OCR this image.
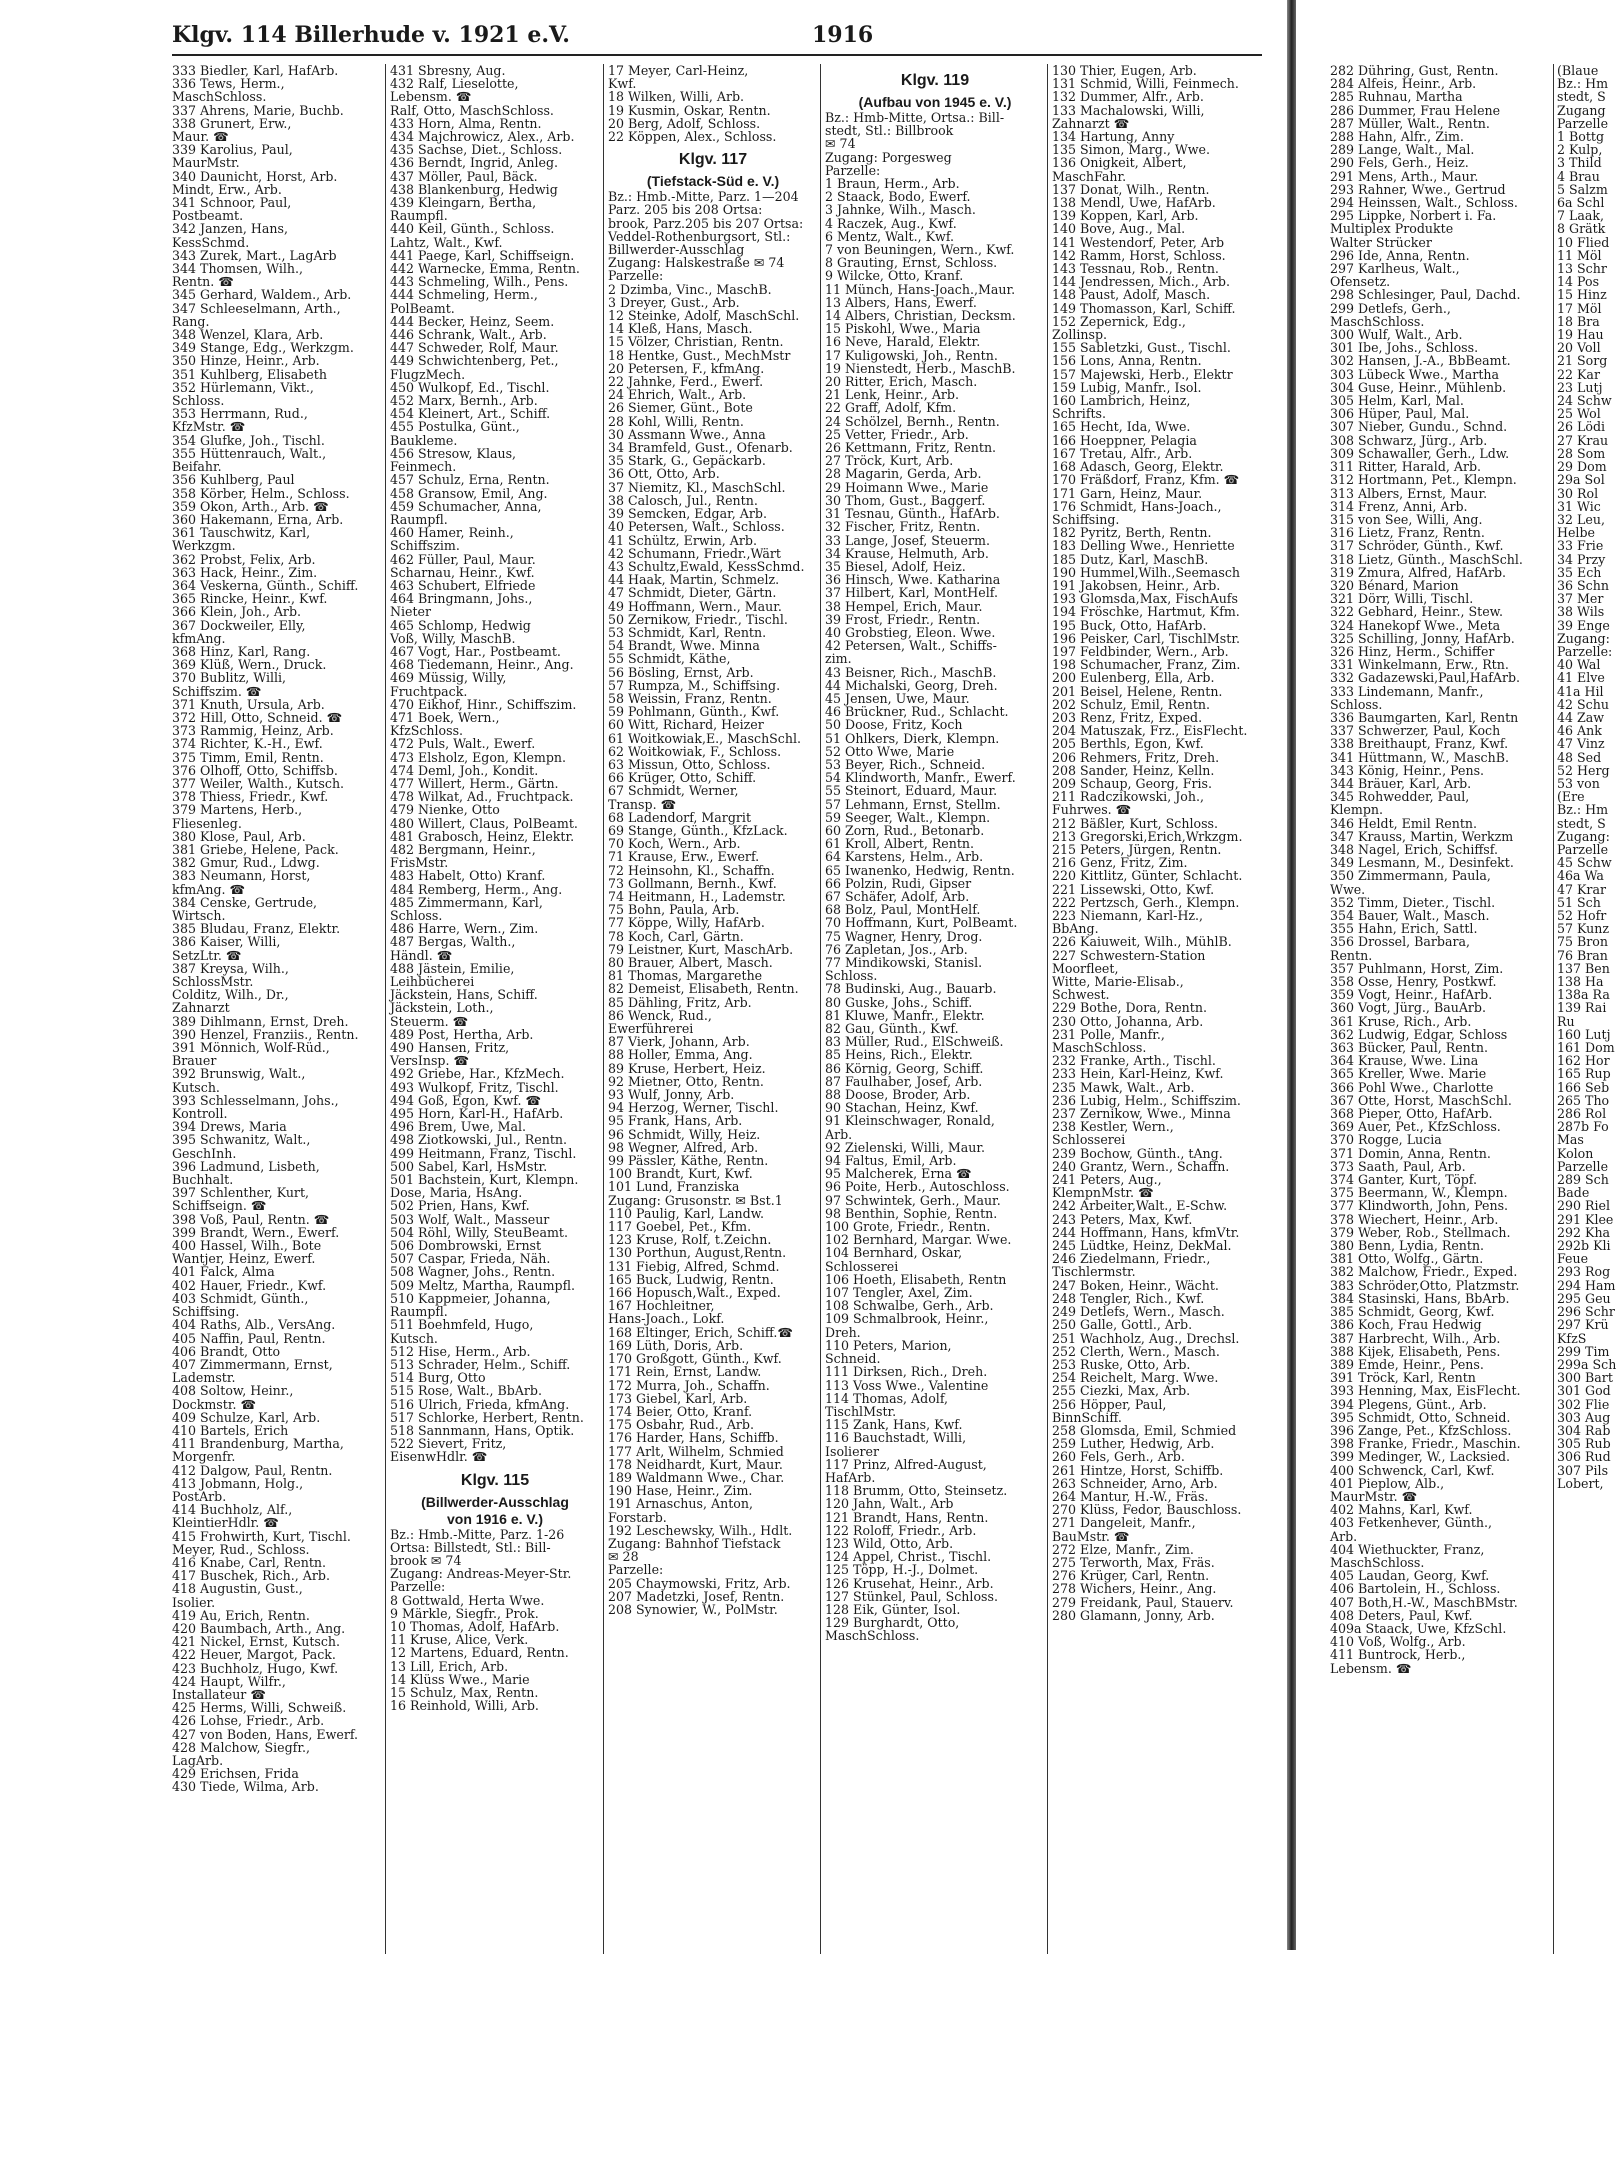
Klgv. 114 Billerhude v. 1921 e.V.	1916
333 Biedler, Karl, HafArb.
336 Tews, Herm.,
MaschSchloss.
337 Ahrens, Marie, Buchb.
338 Grunert, Erw.,
Maur. ☎
339 Karolius, Paul,
MaurMstr.
340 Daunicht, Horst, Arb.
Mindt, Erw., Arb.
341 Schnoor, Paul,
Postbeamt.
342 Janzen, Hans,
KessSchmd.
343 Zurek, Mart., LagArb
344 Thomsen, Wilh.,
Rentn. ☎
345 Gerhard, Waldem., Arb.
347 Schleeselmann, Arth.,
Rang.
348 Wenzel, Klara, Arb.
349 Stange, Edg., Werkzgm.
350 Hinze, Heinr., Arb.
351 Kuhlberg, Elisabeth
352 Hürlemann, Vikt.,
Schloss.
353 Herrmann, Rud.,
KfzMstr. ☎
354 Glufke, Joh., Tischl.
355 Hüttenrauch, Walt.,
Beifahr.
356 Kuhlberg, Paul
358 Körber, Helm., Schloss.
359 Okon, Arth., Arb. ☎
360 Hakemann, Erna, Arb.
361 Tauschwitz, Karl,
Werkzgm.
362 Probst, Felix, Arb.
363 Hack, Heinr., Zim.
364 Veskerna, Günth., Schiff.
365 Rincke, Heinr., Kwf.
366 Klein, Joh., Arb.
367 Dockweiler, Elly,
kfmAng.
368 Hinz, Karl, Rang.
369 Klüß, Wern., Druck.
370 Bublitz, Willi,
Schiffszim. ☎
371 Knuth, Ursula, Arb.
372 Hill, Otto, Schneid. ☎
373 Rammig, Heinz, Arb.
374 Richter, K.-H., Ewf.
375 Timm, Emil, Rentn.
376 Olhoff, Otto, Schiffsb.
377 Weiler, Walth., Kutsch.
378 Thiess, Friedr., Kwf.
379 Martens, Herb.,
Fliesenleg.
380 Klose, Paul, Arb.
381 Griebe, Helene, Pack.
382 Gmur, Rud., Ldwg.
383 Neumann, Horst,
kfmAng. ☎
384 Censke, Gertrude,
Wirtsch.
385 Bludau, Franz, Elektr.
386 Kaiser, Willi,
SetzLtr. ☎
387 Kreysa, Wilh.,
SchlossMstr.
Colditz, Wilh., Dr.,
Zahnarzt
389 Dihlmann, Ernst, Dreh.
390 Henzel, Franziis., Rentn.
391 Mönnich, Wolf-Rüd.,
Brauer
392 Brunswig, Walt.,
Kutsch.
393 Schlesselmann, Johs.,
Kontroll.
394 Drews, Maria
395 Schwanitz, Walt.,
GeschInh.
396 Ladmund, Lisbeth,
Buchhalt.
397 Schlenther, Kurt,
Schiffseign. ☎
398 Voß, Paul, Rentn. ☎
399 Brandt, Wern., Ewerf.
400 Hassel, Wilh., Bote
Wantjer, Heinz, Ewerf.
401 Falck, Alma
402 Hauer, Friedr., Kwf.
403 Schmidt, Günth.,
Schiffsing.
404 Raths, Alb., VersAng.
405 Naffin, Paul, Rentn.
406 Brandt, Otto
407 Zimmermann, Ernst,
Lademstr.
408 Soltow, Heinr.,
Dockmstr. ☎
409 Schulze, Karl, Arb.
410 Bartels, Erich
411 Brandenburg, Martha,
Morgenfr.
412 Dalgow, Paul, Rentn.
413 Jobmann, Holg.,
PostArb.
414 Buchholz, Alf.,
KleintierHdlr. ☎
415 Frohwirth, Kurt, Tischl.
Meyer, Rud., Schloss.
416 Knabe, Carl, Rentn.
417 Buschek, Rich., Arb.
418 Augustin, Gust.,
Isolier.
419 Au, Erich, Rentn.
420 Baumbach, Arth., Ang.
421 Nickel, Ernst, Kutsch.
422 Heuer, Margot, Pack.
423 Buchholz, Hugo, Kwf.
424 Haupt, Wilfr.,
Installateur ☎
425 Herms, Willi, Schweiß.
426 Lohse, Friedr., Arb.
427 von Boden, Hans, Ewerf.
428 Malchow, Siegfr.,
LagArb.
429 Erichsen, Frida
430 Tiede, Wilma, Arb.
431 Sbresny, Aug.
432 Ralf, Lieselotte,
Lebensm. ☎
Ralf, Otto, MaschSchloss.
433 Horn, Alma, Rentn.
434 Majchrowicz, Alex., Arb.
435 Sachse, Diet., Schloss.
436 Berndt, Ingrid, Anleg.
437 Möller, Paul, Bäck.
438 Blankenburg, Hedwig
439 Kleingarn, Bertha,
Raumpfl.
440 Keil, Günth., Schloss.
Lahtz, Walt., Kwf.
441 Paege, Karl, Schiffseign.
442 Warnecke, Emma, Rentn.
443 Schmeling, Wilh., Pens.
444 Schmeling, Herm.,
PolBeamt.
444 Becker, Heinz, Seem.
446 Schrank, Walt., Arb.
447 Schweder, Rolf, Maur.
449 Schwichtenberg, Pet.,
FlugzMech.
450 Wulkopf, Ed., Tischl.
452 Marx, Bernh., Arb.
454 Kleinert, Art., Schiff.
455 Postulka, Günt.,
Baukleme.
456 Stresow, Klaus,
Feinmech.
457 Schulz, Erna, Rentn.
458 Gransow, Emil, Ang.
459 Schumacher, Anna,
Raumpfl.
460 Hamer, Reinh.,
Schiffszim.
462 Füller, Paul, Maur.
Scharnau, Heinr., Kwf.
463 Schubert, Elfriede
464 Bringmann, Johs.,
Nieter
465 Schlomp, Hedwig
Voß, Willy, MaschB.
467 Vogt, Har., Postbeamt.
468 Tiedemann, Heinr., Ang.
469 Müssig, Willy,
Fruchtpack.
470 Eikhof, Hinr., Schiffszim.
471 Boek, Wern.,
KfzSchloss.
472 Puls, Walt., Ewerf.
473 Elsholz, Egon, Klempn.
474 Deml, Joh., Kondit.
477 Willert, Herm., Gärtn.
478 Wilkat, Ad., Fruchtpack.
479 Nienke, Otto
480 Willert, Claus, PolBeamt.
481 Grabosch, Heinz, Elektr.
482 Bergmann, Heinr.,
FrisMstr.
483 Habelt, Otto) Kranf.
484 Remberg, Herm., Ang.
485 Zimmermann, Karl,
Schloss.
486 Harre, Wern., Zim.
487 Bergas, Walth.,
Händl. ☎
488 Jästein, Emilie,
Leihbücherei
Jäckstein, Hans, Schiff.
Jäckstein, Loth.,
Steuerm. ☎
489 Post, Hertha, Arb.
490 Hansen, Fritz,
VersInsp. ☎
492 Griebe, Har., KfzMech.
493 Wulkopf, Fritz, Tischl.
494 Goß, Egon, Kwf. ☎
495 Horn, Karl-H., HafArb.
496 Brem, Uwe, Mal.
498 Ziotkowski, Jul., Rentn.
499 Heitmann, Franz, Tischl.
500 Sabel, Karl, HsMstr.
501 Bachstein, Kurt, Klempn.
Dose, Maria, HsAng.
502 Prien, Hans, Kwf.
503 Wolf, Walt., Masseur
504 Röhl, Willy, SteuBeamt.
506 Dombrowski, Ernst
507 Caspar, Frieda, Näh.
508 Wagner, Johs., Rentn.
509 Meltz, Martha, Raumpfl.
510 Kappmeier, Johanna,
Raumpfl.
511 Boehmfeld, Hugo,
Kutsch.
512 Hise, Herm., Arb.
513 Schrader, Helm., Schiff.
514 Burg, Otto
515 Rose, Walt., BbArb.
516 Ulrich, Frieda, kfmAng.
517 Schlorke, Herbert, Rentn.
518 Sannmann, Hans, Optik.
522 Sievert, Fritz,
EisenwHdlr. ☎
Klgv. 115
(Billwerder-Ausschlag
von 1916 e. V.)
Bz.: Hmb.-Mitte, Parz. 1-26
Ortsa: Billstedt, Stl.: Bill-
brook ✉ 74
Zugang: Andreas-Meyer-Str.
Parzelle:
8 Gottwald, Herta Wwe.
9 Märkle, Siegfr., Prok.
10 Thomas, Adolf, HafArb.
11 Kruse, Alice, Verk.
12 Martens, Eduard, Rentn.
13 Lill, Erich, Arb.
14 Klüss Wwe., Marie
15 Schulz, Max, Rentn.
16 Reinhold, Willi, Arb.
17 Meyer, Carl-Heinz,
Kwf.
18 Wilken, Willi, Arb.
19 Kusmin, Oskar, Rentn.
20 Berg, Adolf, Schloss.
22 Köppen, Alex., Schloss.
Klgv. 117
(Tiefstack-Süd e. V.)
Bz.: Hmb.-Mitte, Parz. 1—204
Parz. 205 bis 208 Ortsa:
brook, Parz.205 bis 207 Ortsa:
Veddel-Rothenburgsort, Stl.:
Billwerder-Ausschlag
Zugang: Halskestraße ✉ 74
Parzelle:
2 Dzimba, Vinc., MaschB.
3 Dreyer, Gust., Arb.
12 Steinke, Adolf, MaschSchl.
14 Kleß, Hans, Masch.
15 Völzer, Christian, Rentn.
18 Hentke, Gust., MechMstr
20 Petersen, F., kfmAng.
22 Jahnke, Ferd., Ewerf.
24 Ehrich, Walt., Arb.
26 Siemer, Günt., Bote
28 Kohl, Willi, Rentn.
30 Assmann Wwe., Anna
34 Bramfeld, Gust., Ofenarb.
35 Stark, G., Gepäckarb.
36 Ott, Otto, Arb.
37 Niemitz, Kl., MaschSchl.
38 Calosch, Jul., Rentn.
39 Semcken, Edgar, Arb.
40 Petersen, Walt., Schloss.
41 Schültz, Erwin, Arb.
42 Schumann, Friedr.,Wärt
43 Schultz,Ewald, KessSchmd.
44 Haak, Martin, Schmelz.
47 Schmidt, Dieter, Gärtn.
49 Hoffmann, Wern., Maur.
50 Zernikow, Friedr., Tischl.
53 Schmidt, Karl, Rentn.
54 Brandt, Wwe. Minna
55 Schmidt, Käthe,
56 Bösling, Ernst, Arb.
57 Rumpza, M., Schiffsing.
58 Weissin, Franz, Rentn.
59 Pohlmann, Günth., Kwf.
60 Witt, Richard, Heizer
61 Woitkowiak,E., MaschSchl.
62 Woitkowiak, F., Schloss.
63 Missun, Otto, Schloss.
66 Krüger, Otto, Schiff.
67 Schmidt, Werner,
Transp. ☎
68 Ladendorf, Margrit
69 Stange, Günth., KfzLack.
70 Koch, Wern., Arb.
71 Krause, Erw., Ewerf.
72 Heinsohn, Kl., Schaffn.
73 Gollmann, Bernh., Kwf.
74 Heitmann, H., Lademstr.
75 Bohn, Paula, Arb.
77 Köppe, Willy, HafArb.
78 Koch, Carl, Gärtn.
79 Leistner, Kurt, MaschArb.
80 Brauer, Albert, Masch.
81 Thomas, Margarethe
82 Demeist, Elisabeth, Rentn.
85 Dähling, Fritz, Arb.
86 Wenck, Rud.,
Ewerführerei
87 Vierk, Johann, Arb.
88 Holler, Emma, Ang.
89 Kruse, Herbert, Heiz.
92 Mietner, Otto, Rentn.
93 Wulf, Jonny, Arb.
94 Herzog, Werner, Tischl.
95 Frank, Hans, Arb.
96 Schmidt, Willy, Heiz.
98 Wegner, Alfred, Arb.
99 Pässler, Käthe, Rentn.
100 Brandt, Kurt, Kwf.
101 Lund, Franziska
Zugang: Grusonstr. ✉ Bst.1
110 Paulig, Karl, Landw.
117 Goebel, Pet., Kfm.
123 Kruse, Rolf, t.Zeichn.
130 Porthun, August,Rentn.
131 Fiebig, Alfred, Schmd.
165 Buck, Ludwig, Rentn.
166 Hopusch,Walt., Exped.
167 Hochleitner,
Hans-Joach., Lokf.
168 Eltinger, Erich, Schiff.☎
169 Lüth, Doris, Arb.
170 Großgott, Günth., Kwf.
171 Rein, Ernst, Landw.
172 Murra, Joh., Schaffn.
173 Giebel, Karl, Arb.
174 Beier, Otto, Kranf.
175 Osbahr, Rud., Arb.
176 Harder, Hans, Schiffb.
177 Arlt, Wilhelm, Schmied
178 Neidhardt, Kurt, Maur.
189 Waldmann Wwe., Char.
190 Hase, Heinr., Zim.
191 Arnaschus, Anton,
Forstarb.
192 Leschewsky, Wilh., Hdlt.
Zugang: Bahnhof Tiefstack
✉ 28
Parzelle:
205 Chaymowski, Fritz, Arb.
207 Madetzki, Josef, Rentn.
208 Synowier, W., PolMstr.
Klgv. 119
(Aufbau von 1945 e. V.)
Bz.: Hmb-Mitte, Ortsa.: Bill-
stedt, Stl.: Billbrook
✉ 74
Zugang: Porgesweg
Parzelle:
1 Braun, Herm., Arb.
2 Staack, Bodo, Ewerf.
3 Jahnke, Wilh., Masch.
4 Raczek, Aug., Kwf.
6 Mentz, Walt., Kwf.
7 von Beuningen, Wern., Kwf.
8 Grauting, Ernst, Schloss.
9 Wilcke, Otto, Kranf.
11 Münch, Hans-Joach.,Maur.
13 Albers, Hans, Ewerf.
14 Albers, Christian, Decksm.
15 Piskohl, Wwe., Maria
16 Neve, Harald, Elektr.
17 Kuligowski, Joh., Rentn.
19 Nienstedt, Herb., MaschB.
20 Ritter, Erich, Masch.
21 Lenk, Heinr., Arb.
22 Graff, Adolf, Kfm.
24 Schölzel, Bernh., Rentn.
25 Vetter, Friedr., Arb.
26 Kettmann, Fritz, Rentn.
27 Tröck, Kurt, Arb.
28 Magarin, Gerda, Arb.
29 Hoimann Wwe., Marie
30 Thom, Gust., Baggerf.
31 Tesnau, Günth., HafArb.
32 Fischer, Fritz, Rentn.
33 Lange, Josef, Steuerm.
34 Krause, Helmuth, Arb.
35 Biesel, Adolf, Heiz.
36 Hinsch, Wwe. Katharina
37 Hilbert, Karl, MontHelf.
38 Hempel, Erich, Maur.
39 Frost, Friedr., Rentn.
40 Grobstieg, Eleon. Wwe.
42 Petersen, Walt., Schiffs-
zim.
43 Beisner, Rich., MaschB.
44 Michalski, Georg, Dreh.
45 Jensen, Uwe, Maur.
46 Brückner, Rud., Schlacht.
50 Doose, Fritz, Koch
51 Ohlkers, Dierk, Klempn.
52 Otto Wwe, Marie
53 Beyer, Rich., Schneid.
54 Klindworth, Manfr., Ewerf.
55 Steinort, Eduard, Maur.
57 Lehmann, Ernst, Stellm.
59 Seeger, Walt., Klempn.
60 Zorn, Rud., Betonarb.
61 Kroll, Albert, Rentn.
64 Karstens, Helm., Arb.
65 Iwanenko, Hedwig, Rentn.
66 Polzin, Rudi, Gipser
67 Schäfer, Adolf, Arb.
68 Bolz, Paul, MontHelf.
70 Hoffmann, Kurt, PolBeamt.
75 Wagner, Henry, Drog.
76 Zapletan, Jos., Arb.
77 Mindikowski, Stanisl.
Schloss.
78 Budinski, Aug., Bauarb.
80 Guske, Johs., Schiff.
81 Kluwe, Manfr., Elektr.
82 Gau, Günth., Kwf.
83 Müller, Rud., ElSchweiß.
85 Heins, Rich., Elektr.
86 Körnig, Georg, Schiff.
87 Faulhaber, Josef, Arb.
88 Doose, Broder, Arb.
90 Stachan, Heinz, Kwf.
91 Kleinschwager, Ronald,
Arb.
92 Zielenski, Willi, Maur.
94 Faltus, Emil, Arb.
95 Malcherek, Erna ☎
96 Poite, Herb., Autoschloss.
97 Schwintek, Gerh., Maur.
98 Benthin, Sophie, Rentn.
100 Grote, Friedr., Rentn.
102 Bernhard, Margar. Wwe.
104 Bernhard, Oskar,
Schlosserei
106 Hoeth, Elisabeth, Rentn
107 Tengler, Axel, Zim.
108 Schwalbe, Gerh., Arb.
109 Schmalbrook, Heinr.,
Dreh.
110 Peters, Marion,
Schneid.
111 Dirksen, Rich., Dreh.
113 Voss Wwe., Valentine
114 Thomas, Adolf,
TischlMstr.
115 Zank, Hans, Kwf.
116 Bauchstadt, Willi,
Isolierer
117 Prinz, Alfred-August,
HafArb.
118 Brumm, Otto, Steinsetz.
120 Jahn, Walt., Arb
121 Brandt, Hans, Rentn.
122 Roloff, Friedr., Arb.
123 Wild, Otto, Arb.
124 Appel, Christ., Tischl.
125 Töpp, H.-J., Dolmet.
126 Krusehat, Heinr., Arb.
127 Stünkel, Paul, Schloss.
128 Eik, Günter, Isol.
129 Burghardt, Otto,
MaschSchloss.
130 Thier, Eugen, Arb.
131 Schmid, Willi, Feinmech.
132 Dummer, Alfr., Arb.
133 Machalowski, Willi,
Zahnarzt ☎
134 Hartung, Anny
135 Simon, Marg., Wwe.
136 Onigkeit, Albert,
MaschFahr.
137 Donat, Wilh., Rentn.
138 Mendl, Uwe, HafArb.
139 Koppen, Karl, Arb.
140 Bove, Aug., Mal.
141 Westendorf, Peter, Arb
142 Ramm, Horst, Schloss.
143 Tessnau, Rob., Rentn.
144 Jendressen, Mich., Arb.
148 Paust, Adolf, Masch.
149 Thomasson, Karl, Schiff.
152 Zepernick, Edg.,
Zollinsp.
155 Sabletzki, Gust., Tischl.
156 Lons, Anna, Rentn.
157 Majewski, Herb., Elektr
159 Lubig, Manfr., Isol.
160 Lambrich, Heinz,
Schrifts.
165 Hecht, Ida, Wwe.
166 Hoeppner, Pelagia
167 Tretau, Alfr., Arb.
168 Adasch, Georg, Elektr.
170 Fräßdorf, Franz, Kfm. ☎
171 Garn, Heinz, Maur.
176 Schmidt, Hans-Joach.,
Schiffsing.
182 Pyritz, Berth, Rentn.
183 Delling Wwe., Henriette
185 Dutz, Karl, MaschB.
190 Hummel,Wilh.,Seemasch
191 Jakobsen, Heinr., Arb.
193 Glomsda,Max, FischAufs
194 Fröschke, Hartmut, Kfm.
195 Buck, Otto, HafArb.
196 Peisker, Carl, TischlMstr.
197 Feldbinder, Wern., Arb.
198 Schumacher, Franz, Zim.
200 Eulenberg, Ella, Arb.
201 Beisel, Helene, Rentn.
202 Schulz, Emil, Rentn.
203 Renz, Fritz, Exped.
204 Matuszak, Frz., EisFlecht.
205 Berthls, Egon, Kwf.
206 Rehmers, Fritz, Dreh.
208 Sander, Heinz, Kelln.
209 Schaup, Georg, Fris.
211 Radczikowski, Joh.,
Fuhrwes. ☎
212 Bäßler, Kurt, Schloss.
213 Gregorski,Erich,Wrkzgm.
215 Peters, Jürgen, Rentn.
216 Genz, Fritz, Zim.
220 Kittlitz, Günter, Schlacht.
221 Lissewski, Otto, Kwf.
222 Pertzsch, Gerh., Klempn.
223 Niemann, Karl-Hz.,
BbAng.
226 Kaiuweit, Wilh., MühlB.
227 Schwestern-Station
Moorfleet,
Witte, Marie-Elisab.,
Schwest.
229 Bothe, Dora, Rentn.
230 Otto, Johanna, Arb.
231 Polle, Manfr.,
MaschSchloss.
232 Franke, Arth., Tischl.
233 Hein, Karl-Heinz, Kwf.
235 Mawk, Walt., Arb.
236 Lubig, Helm., Schiffszim.
237 Zernikow, Wwe., Minna
238 Kestler, Wern.,
Schlosserei
239 Bochow, Günth., tAng.
240 Grantz, Wern., Schaffn.
241 Peters, Aug.,
KlempnMstr. ☎
242 Arbeiter,Walt., E-Schw.
243 Peters, Max, Kwf.
244 Hoffmann, Hans, kfmVtr.
245 Lüdtke, Heinz, DekMal.
246 Ziedelmann, Friedr.,
Tischlermstr.
247 Boken, Heinr., Wächt.
248 Tengler, Rich., Kwf.
249 Detlefs, Wern., Masch.
250 Galle, Gottl., Arb.
251 Wachholz, Aug., Drechsl.
252 Clerth, Wern., Masch.
253 Ruske, Otto, Arb.
254 Reichelt, Marg. Wwe.
255 Ciezki, Max, Arb.
256 Höpper, Paul,
BinnSchiff.
258 Glomsda, Emil, Schmied
259 Luther, Hedwig, Arb.
260 Fels, Gerh., Arb.
261 Hintze, Horst, Schiffb.
263 Schneider, Arno, Arb.
264 Mantur, H.-W., Fräs.
270 Klüss, Fedor, Bauschloss.
271 Dangeleit, Manfr.,
BauMstr. ☎
272 Elze, Manfr., Zim.
275 Terworth, Max, Fräs.
276 Krüger, Carl, Rentn.
278 Wichers, Heinr., Ang.
279 Freidank, Paul, Stauerv.
280 Glamann, Jonny, Arb.
282 Dühring, Gust, Rentn.
284 Alfeis, Heinr., Arb.
285 Ruhnau, Martha
286 Dummer, Frau Helene
287 Müller, Walt., Rentn.
288 Hahn, Alfr., Zim.
289 Lange, Walt., Mal.
290 Fels, Gerh., Heiz.
291 Mens, Arth., Maur.
293 Rahner, Wwe., Gertrud
294 Heinssen, Walt., Schloss.
295 Lippke, Norbert i. Fa.
Multiplex Produkte
Walter Strücker
296 Ide, Anna, Rentn.
297 Karlheus, Walt.,
Ofensetz.
298 Schlesinger, Paul, Dachd.
299 Detlefs, Gerh.,
MaschSchloss.
300 Wulf, Walt., Arb.
301 Ibe, Johs., Schloss.
302 Hansen, J.-A., BbBeamt.
303 Lübeck Wwe., Martha
304 Guse, Heinr., Mühlenb.
305 Helm, Karl, Mal.
306 Hüper, Paul, Mal.
307 Nieber, Gundu., Schnd.
308 Schwarz, Jürg., Arb.
309 Schawaller, Gerh., Ldw.
311 Ritter, Harald, Arb.
312 Hortmann, Pet., Klempn.
313 Albers, Ernst, Maur.
314 Frenz, Anni, Arb.
315 von See, Willi, Ang.
316 Lietz, Franz, Rentn.
317 Schröder, Günth., Kwf.
318 Lietz, Günth., MaschSchl.
319 Zmura, Alfred, HafArb.
320 Bénard, Marion
321 Dörr, Willi, Tischl.
322 Gebhard, Heinr., Stew.
324 Hanekopf Wwe., Meta
325 Schilling, Jonny, HafArb.
326 Hinz, Herm., Schiffer
331 Winkelmann, Erw., Rtn.
332 Gadazewski,Paul,HafArb.
333 Lindemann, Manfr.,
Schloss.
336 Baumgarten, Karl, Rentn
337 Schwerzer, Paul, Koch
338 Breithaupt, Franz, Kwf.
341 Hüttmann, W., MaschB.
343 König, Heinr., Pens.
344 Bräuer, Karl, Arb.
345 Rohwedder, Paul,
Klempn.
346 Heldt, Emil Rentn.
347 Krauss, Martin, Werkzm
348 Nagel, Erich, Schiffsf.
349 Lesmann, M., Desinfekt.
350 Zimmermann, Paula,
Wwe.
352 Timm, Dieter., Tischl.
354 Bauer, Walt., Masch.
355 Hahn, Erich, Sattl.
356 Drossel, Barbara,
Rentn.
357 Puhlmann, Horst, Zim.
358 Osse, Henry, Postkwf.
359 Vogt, Heinr., HafArb.
360 Vogt, Jürg., BauArb.
361 Kruse, Rich., Arb.
362 Ludwig, Edgar, Schloss
363 Bücker, Paul, Rentn.
364 Krause, Wwe. Lina
365 Kreller, Wwe. Marie
366 Pohl Wwe., Charlotte
367 Otte, Horst, MaschSchl.
368 Pieper, Otto, HafArb.
369 Auer, Pet., KfzSchloss.
370 Rogge, Lucia
371 Domin, Anna, Rentn.
373 Saath, Paul, Arb.
374 Ganter, Kurt, Töpf.
375 Beermann, W., Klempn.
377 Klindworth, John, Pens.
378 Wiechert, Heinr., Arb.
379 Weber, Rob., Stellmach.
380 Benn, Lydia, Rentn.
381 Otto, Wolfg., Gärtn.
382 Malchow, Friedr., Exped.
383 Schröder,Otto, Platzmstr.
384 Stasinski, Hans, BbArb.
385 Schmidt, Georg, Kwf.
386 Koch, Frau Hedwig
387 Harbrecht, Wilh., Arb.
388 Kijek, Elisabeth, Pens.
389 Emde, Heinr., Pens.
391 Tröck, Karl, Rentn
393 Henning, Max, EisFlecht.
394 Plegens, Günt., Arb.
395 Schmidt, Otto, Schneid.
396 Zange, Pet., KfzSchloss.
398 Franke, Friedr., Maschin.
399 Medinger, W., Lacksied.
400 Schwenck, Carl, Kwf.
401 Pieplow, Alb.,
MaurMstr. ☎
402 Mahns, Karl, Kwf.
403 Fetkenhever, Günth.,
Arb.
404 Wiethuckter, Franz,
MaschSchloss.
405 Laudan, Georg, Kwf.
406 Bartolein, H., Schloss.
407 Both,H.-W., MaschBMstr.
408 Deters, Paul, Kwf.
409a Staack, Uwe, KfzSchl.
410 Voß, Wolfg., Arb.
411 Buntrock, Herb.,
Lebensm. ☎
(Blaue
Bz.: Hm
stedt, S
Zugang
Parzelle
1 Bottg
2 Kulp,
3 Thild
4 Brau
5 Salzm
6a Schl
7 Laak,
8 Grätk
10 Flied
11 Möl
13 Schr
14 Pos
15 Hinz
17 Möl
18 Bra
19 Hau
20 Voll
21 Sorg
22 Kar
23 Lutj
24 Schw
25 Wol
26 Lödi
27 Krau
28 Som
29 Dom
29a Sol
30 Rol
31 Wic
32 Leu,
Helbe
33 Frie
34 Przy
35 Ech
36 Schn
37 Mer
38 Wils
39 Enge
Zugang:
Parzelle:
40 Wal
41 Elve
41a Hil
42 Schu
44 Zaw
46 Ank
47 Vinz
48 Sed
52 Herg
53 von
(Ere
Bz.: Hm
stedt, S
Zugang:
Parzelle
45 Schw
46a Wa
47 Krar
51 Sch
52 Hofr
57 Kunz
75 Bron
76 Bran
137 Ben
138 Ha
138a Ra
139 Rai
Ru
160 Lutj
161 Dom
162 Hor
165 Rup
166 Seb
265 Tho
286 Rol
287b Fo
Mas
Kolon
Parzelle
289 Sch
Bade
290 Riel
291 Klee
292 Kha
292b Kli
Feue
293 Rog
294 Ham
295 Geu
296 Schr
297 Krü
KfzS
299 Tim
299a Sch
300 Bart
301 God
302 Flie
303 Aug
304 Rab
305 Rub
306 Rud
307 Pils
Lobert,
